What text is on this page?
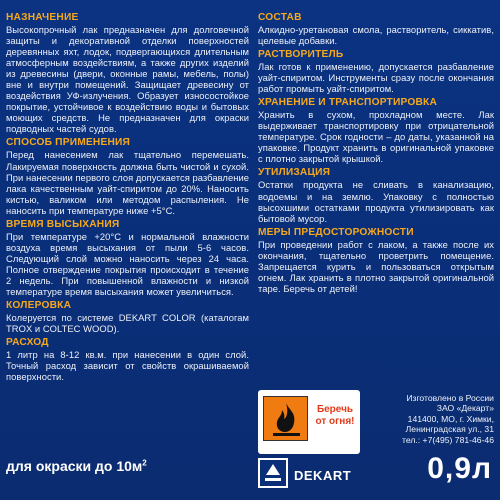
НАЗНАЧЕНИЕ
Высокопрочный лак предназначен для долговечной защиты и декоративной отделки поверхностей деревянных яхт, лодок, подвергающихся длительным атмосферным воздействиям, а также других изделий из древесины (двери, оконные рамы, мебель, полы) вне и внутри помещений. Защищает древесину от воздействия УФ-излучения. Образует износостойкое покрытие, устойчивое к воздействию воды и бытовых моющих средств. Не предназначен для окраски подводных частей судов.
СПОСОБ ПРИМЕНЕНИЯ
Перед нанесением лак тщательно перемешать. Лакируемая поверхность должна быть чистой и сухой. При нанесении первого слоя допускается разбавление лака качественным уайт-спиритом до 20%. Наносить кистью, валиком или методом распыления. Не наносить при температуре ниже +5°С.
ВРЕМЯ ВЫСЫХАНИЯ
При температуре +20°С и нормальной влажности воздуха время высыхания от пыли 5-6 часов. Следующий слой можно наносить через 24 часа. Полное отверждение покрытия происходит в течение 2 недель. При повышенной влажности и низкой температуре время высыхания может увеличиться.
КОЛЕРОВКА
Колеруется по системе DEKART COLOR (каталогам TROX и COLTEC WOOD).
РАСХОД
1 литр на 8-12 кв.м. при нанесении в один слой. Точный расход зависит от свойств окрашиваемой поверхности.
СОСТАВ
Алкидно-уретановая смола, растворитель, сиккатив, целевые добавки.
РАСТВОРИТЕЛЬ
Лак готов к применению, допускается разбавление уайт-спиритом. Инструменты сразу после окончания работ промыть уайт-спиритом.
ХРАНЕНИЕ И ТРАНСПОРТИРОВКА
Хранить в сухом, прохладном месте. Лак выдерживает транспортировку при отрицательной температуре. Срок годности – до даты, указанной на упаковке. Продукт хранить в оригинальной упаковке с плотно закрытой крышкой.
УТИЛИЗАЦИЯ
Остатки продукта не сливать в канализацию, водоемы и на землю. Упаковку с полностью высохшими остатками продукта утилизировать как бытовой мусор.
МЕРЫ ПРЕДОСТОРОЖНОСТИ
При проведении работ с лаком, а также после их окончания, тщательно проветрить помещение. Запрещается курить и пользоваться открытым огнем. Лак хранить в плотно закрытой оригинальной таре. Беречь от детей!
для окраски до $10м^2$
Беречь
от огня!
Изготовлено в России
ЗАО «Декарт»
141400, МО, г. Химки,
Ленинградская ул., 31
тел.: +7(495) 781-46-46
DEKART	0,9л
